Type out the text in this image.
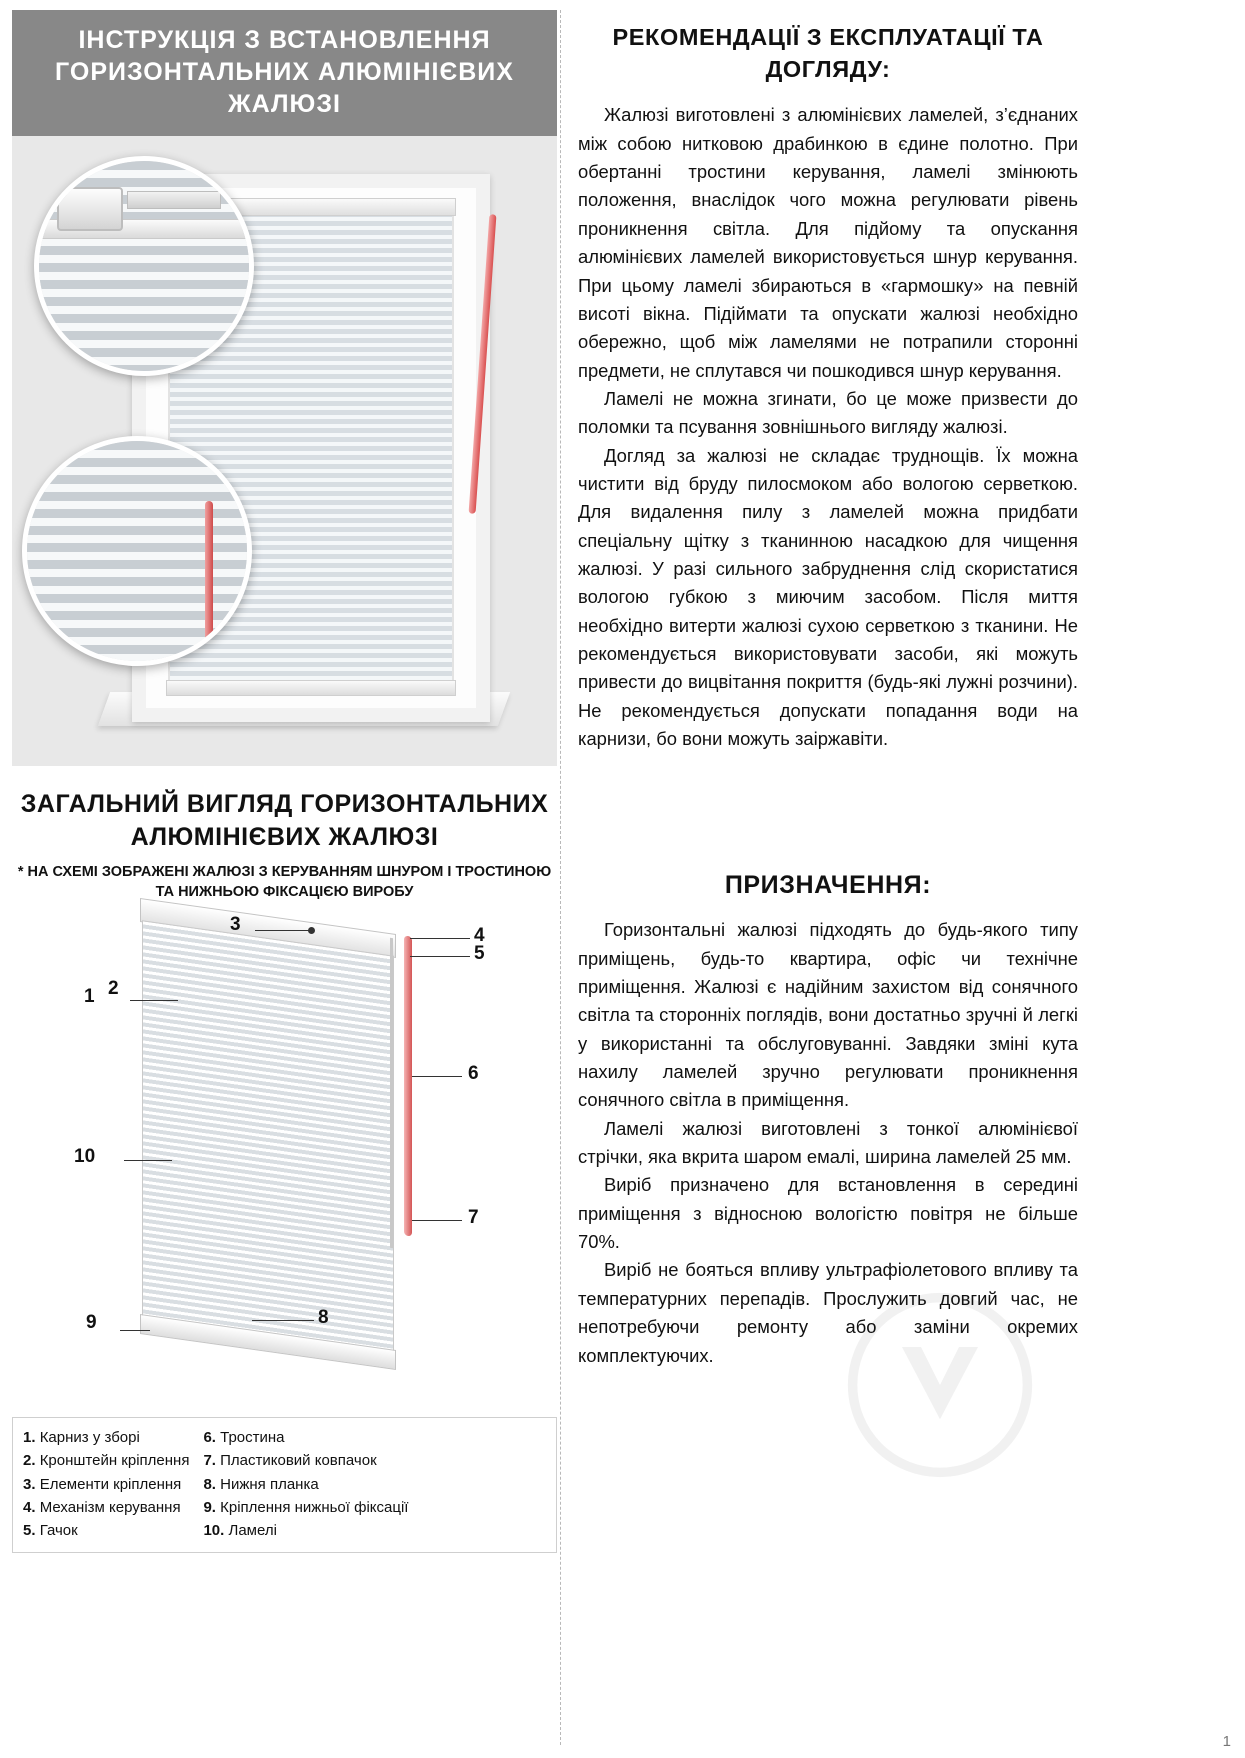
ІНСТРУКЦІЯ З ВСТАНОВЛЕННЯ ГОРИЗОНТАЛЬНИХ АЛЮМІНІЄВИХ ЖАЛЮЗІ
ЗАГАЛЬНИЙ ВИГЛЯД ГОРИЗОНТАЛЬНИХ АЛЮМІНІЄВИХ ЖАЛЮЗІ
* НА СХЕМІ ЗОБРАЖЕНІ ЖАЛЮЗІ З КЕРУВАННЯМ ШНУРОМ І ТРОСТИНОЮ ТА НИЖНЬОЮ ФІКСАЦІЄЮ ВИРОБУ
3
4
5
1 2
6
7
10
8
9
1. Карниз у зборі
2. Кронштейн кріплення
3. Елементи кріплення
4. Механізм керування
5. Гачок
6. Тростина
7. Пластиковий ковпачок
8. Нижня планка
9. Кріплення нижньої фіксації
10. Ламелі
РЕКОМЕНДАЦІЇ З ЕКСПЛУАТАЦІЇ ТА ДОГЛЯДУ:

Жалюзі виготовлені з алюмінієвих ламелей, з’єднаних між собою нитковою драбинкою в єдине полотно. При обертанні тростини керування, ламелі змінюють положення, внаслідок чого можна регулювати рівень проникнення світла. Для підйому та опускання алюмінієвих ламелей використовується шнур керування. При цьому ламелі збираються в «гармошку» на певній висоті вікна. Підіймати та опускати жалюзі необхідно обережно, щоб між ламелями не потрапили сторонні предмети, не сплутався чи пошкодився шнур керування.

Ламелі не можна згинати, бо це може призвести до поломки та псування зовнішнього вигляду жалюзі.

Догляд за жалюзі не складає труднощів. Їх можна чистити від бруду пилосмоком або вологою серветкою. Для видалення пилу з ламелей можна придбати спеціальну щітку з тканинною насадкою для чищення жалюзі. У разі сильного забруднення слід скористатися вологою губкою з миючим засобом. Після миття необхідно витерти жалюзі сухою серветкою з тканини. Не рекомендується використовувати засоби, які можуть привести до вицвітання покриття (будь-які лужні розчини). Не рекомендується допускати попадання води на карнизи, бо вони можуть заіржавіти.

ПРИЗНАЧЕННЯ:

Горизонтальні жалюзі підходять до будь-якого типу приміщень, будь-то квартира, офіс чи технічне приміщення. Жалюзі є надійним захистом від сонячного світла та сторонніх поглядів, вони достатньо зручні й легкі у використанні та обслуговуванні. Завдяки зміні кута нахилу ламелей зручно регулювати проникнення сонячного світла в приміщення.

Ламелі жалюзі виготовлені з тонкої алюмінієвої стрічки, яка вкрита шаром емалі, ширина ламелей 25 мм.

Виріб призначено для встановлення в середині приміщення з відносною вологістю повітря не більше 70%.

Виріб не бояться впливу ультрафіолетового впливу та температурних перепадів. Прослужить довгий час, не непотребуючи ремонту або заміни окремих комплектуючих.

1
